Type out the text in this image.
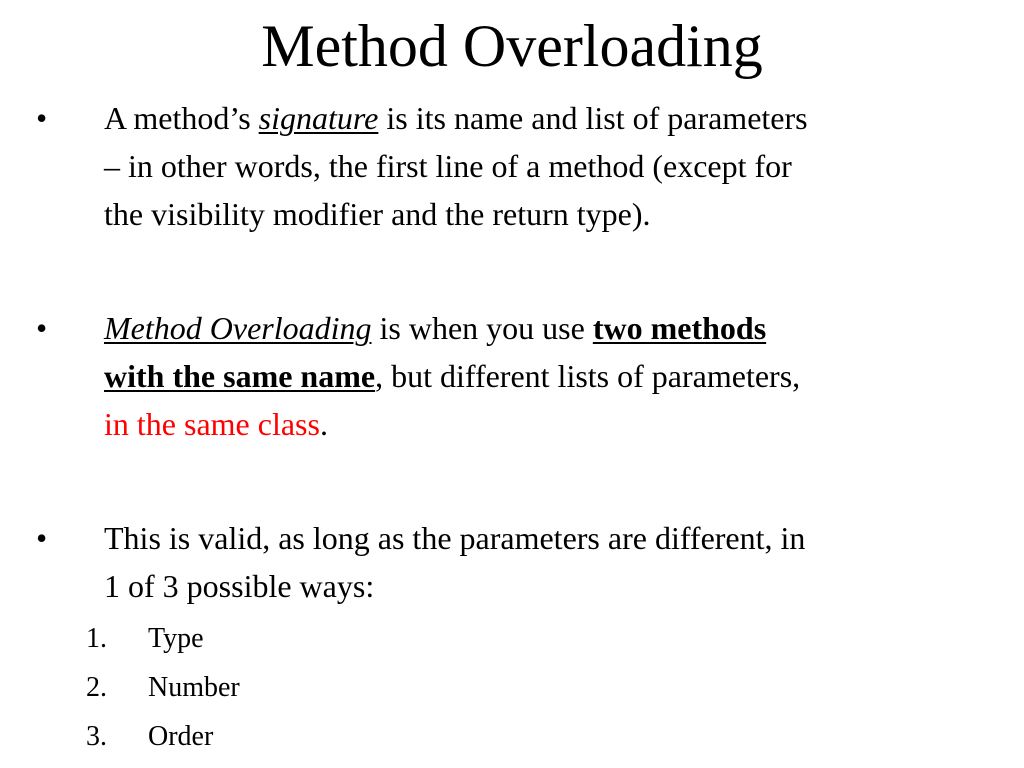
Method Overloading
• A method’s signature is its name and list of parameters
– in other words, the first line of a method (except for
the visibility modifier and the return type).
• Method Overloading is when you use two methods
with the same name, but different lists of parameters,
in the same class.
• This is valid, as long as the parameters are different, in
1 of 3 possible ways:
1. Type
2. Number
3. Order
